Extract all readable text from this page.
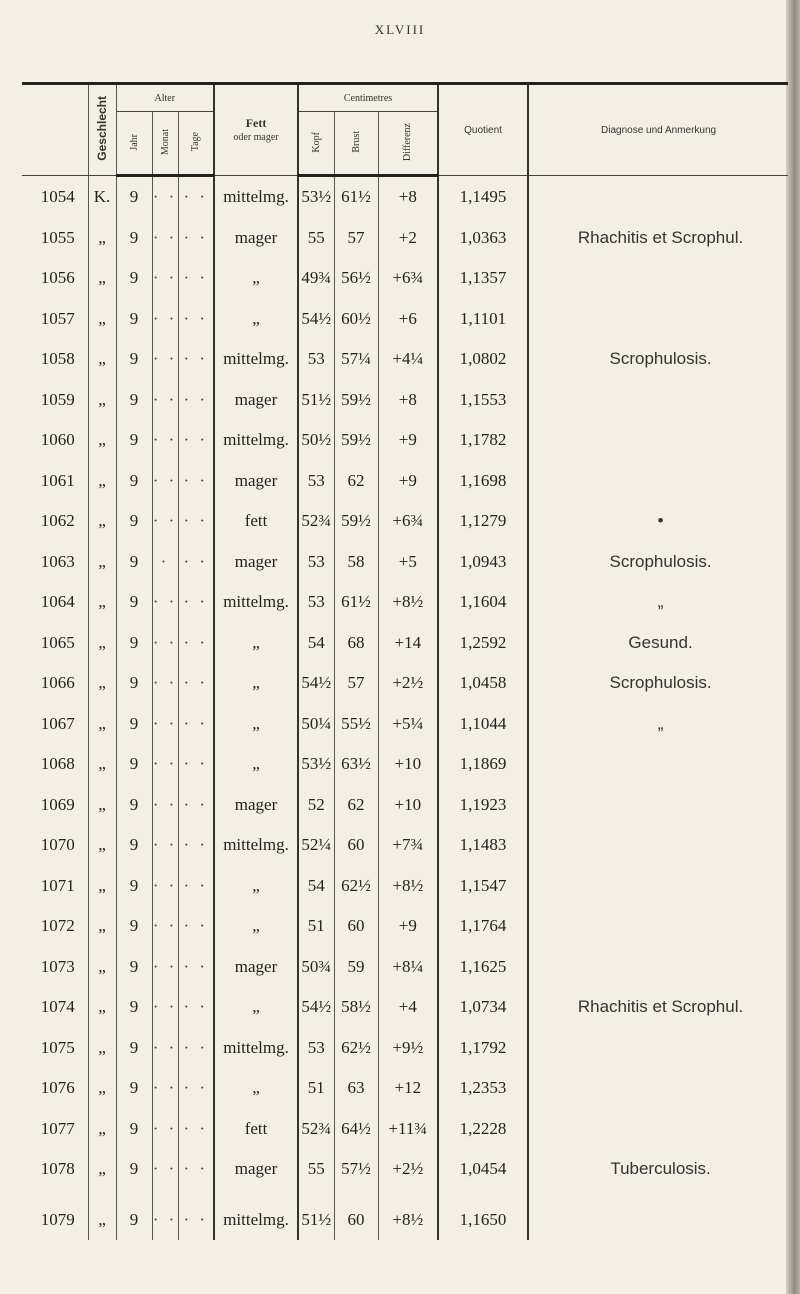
XLVIII
	Geschlecht	Alter			Fett
oder mager	Centimetres			Quotient	Diagnose und Anmerkung
		Jahr	Monat	Tage		Kopf	Brust	Differenz		
1054	K.	9	· ·	· ·	mittelmg.	53½	61½	+8	1,1495	
1055	„	9	· ·	· ·	mager	55	57	+2	1,0363	Rhachitis et Scrophul.
1056	„	9	· ·	· ·	„	49¾	56½	+6¾	1,1357	
1057	„	9	· ·	· ·	„	54½	60½	+6	1,1101	
1058	„	9	· ·	· ·	mittelmg.	53	57¼	+4¼	1,0802	Scrophulosis.
1059	„	9	· ·	· ·	mager	51½	59½	+8	1,1553	
1060	„	9	· ·	· ·	mittelmg.	50½	59½	+9	1,1782	
1061	„	9	· ·	· ·	mager	53	62	+9	1,1698	
1062	„	9	· ·	· ·	fett	52¾	59½	+6¾	1,1279	•
1063	„	9	·	· ·	mager	53	58	+5	1,0943	Scrophulosis.
1064	„	9	· ·	· ·	mittelmg.	53	61½	+8½	1,1604	„
1065	„	9	· ·	· ·	„	54	68	+14	1,2592	Gesund.
1066	„	9	· ·	· ·	„	54½	57	+2½	1,0458	Scrophulosis.
1067	„	9	· ·	· ·	„	50¼	55½	+5¼	1,1044	„
1068	„	9	· ·	· ·	„	53½	63½	+10	1,1869	
1069	„	9	· ·	· ·	mager	52	62	+10	1,1923	
1070	„	9	· ·	· ·	mittelmg.	52¼	60	+7¾	1,1483	
1071	„	9	· ·	· ·	„	54	62½	+8½	1,1547	
1072	„	9	· ·	· ·	„	51	60	+9	1,1764	
1073	„	9	· ·	· ·	mager	50¾	59	+8¼	1,1625	
1074	„	9	· ·	· ·	„	54½	58½	+4	1,0734	Rhachitis et Scrophul.
1075	„	9	· ·	· ·	mittelmg.	53	62½	+9½	1,1792	
1076	„	9	· ·	· ·	„	51	63	+12	1,2353	
1077	„	9	· ·	· ·	fett	52¾	64½	+11¾	1,2228	
1078	„	9	· ·	· ·	mager	55	57½	+2½	1,0454	Tuberculosis.
1079	„	9	· ·	· ·	mittelmg.	51½	60	+8½	1,1650	
